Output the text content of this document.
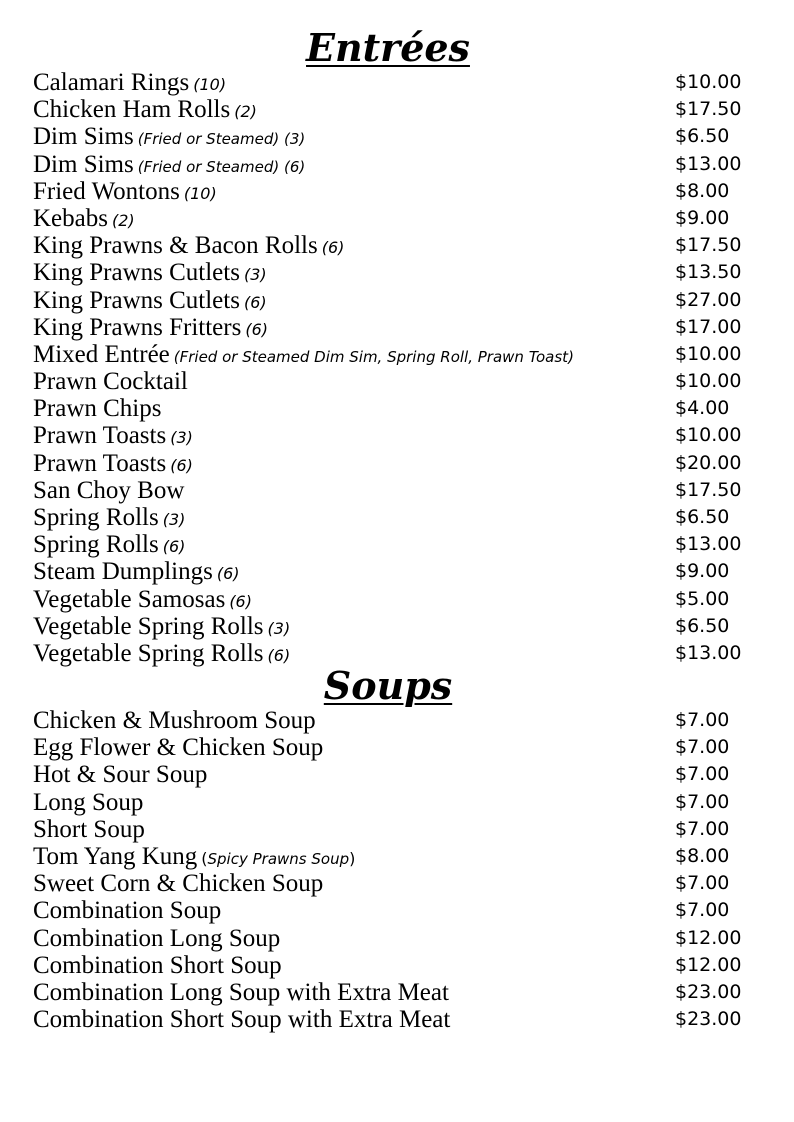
Entrées
Calamari Rings (10)	$10.00
Chicken Ham Rolls (2)	$17.50
Dim Sims (Fried or Steamed) (3)	$6.50
Dim Sims (Fried or Steamed) (6)	$13.00
Fried Wontons (10)	$8.00
Kebabs (2)	$9.00
King Prawns & Bacon Rolls (6)	$17.50
King Prawns Cutlets (3)	$13.50
King Prawns Cutlets (6)	$27.00
King Prawns Fritters (6)	$17.00
Mixed Entrée (Fried or Steamed Dim Sim, Spring Roll, Prawn Toast)	$10.00
Prawn Cocktail	$10.00
Prawn Chips	$4.00
Prawn Toasts (3)	$10.00
Prawn Toasts (6)	$20.00
San Choy Bow	$17.50
Spring Rolls (3)	$6.50
Spring Rolls (6)	$13.00
Steam Dumplings (6)	$9.00
Vegetable Samosas (6)	$5.00
Vegetable Spring Rolls (3)	$6.50
Vegetable Spring Rolls (6)	$13.00
Soups
Chicken & Mushroom Soup	$7.00
Egg Flower & Chicken Soup	$7.00
Hot & Sour Soup	$7.00
Long Soup	$7.00
Short Soup	$7.00
Tom Yang Kung (Spicy Prawns Soup)	$8.00
Sweet Corn & Chicken Soup	$7.00
Combination Soup	$7.00
Combination Long Soup	$12.00
Combination Short Soup	$12.00
Combination Long Soup with Extra Meat	$23.00
Combination Short Soup with Extra Meat	$23.00
